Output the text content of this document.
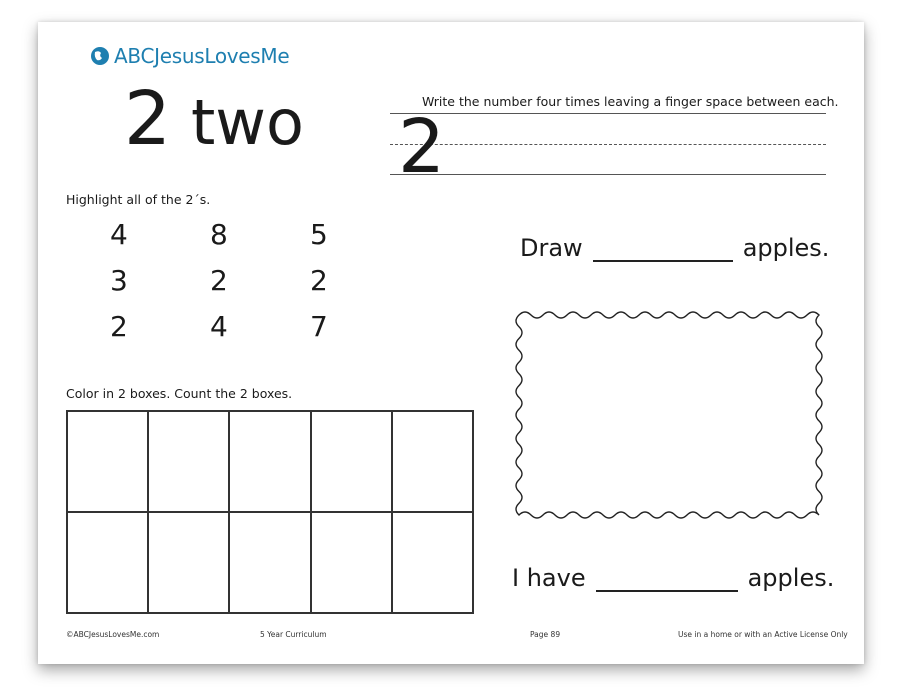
ABCJesusLovesMe
2 two	Write the number four times leaving a finger space between each.
2
Highlight all of the 2´s.
4	8	5
3	2	2
2	4	7
Color in 2 boxes. Count the 2 boxes.
Draw	apples.
I have	apples.
©ABCJesusLovesMe.com	5 Year Curriculum	Page 89	Use in a home or with an Active License Only
